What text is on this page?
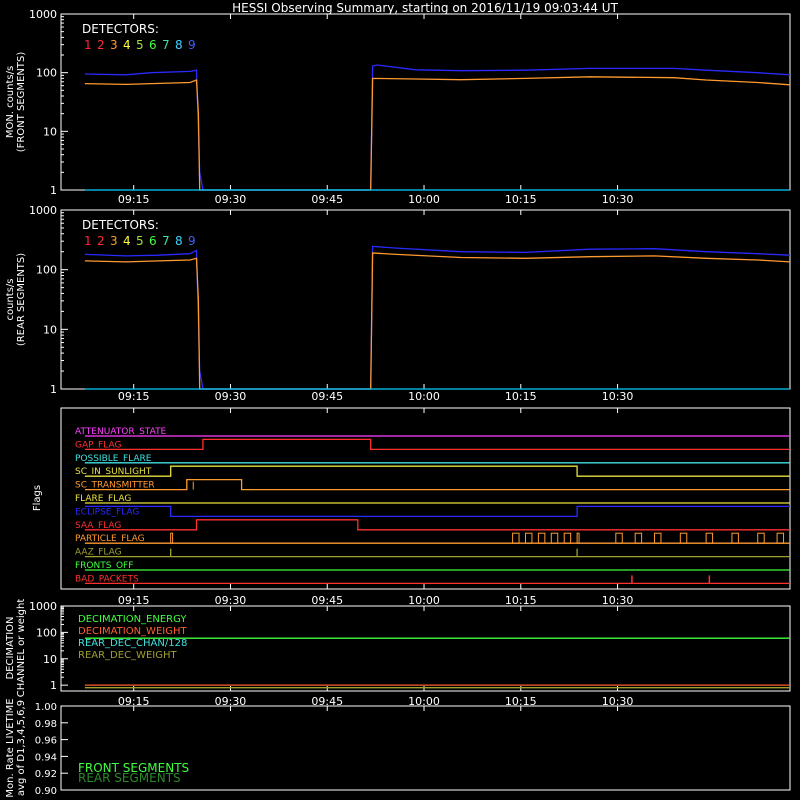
HESSI Observing Summary, starting on 2016/11/19 09:03:44 UT
1
10
100
1000
09:15	09:30	09:45	10:00	10:15	10:30
MON. counts/s (FRONT SEGMENTS)
DETECTORS:
1 2 3 4 5 6 7 8 9
1
10
100
1000
09:15	09:30	09:45	10:00	10:15	10:30
counts/s (REAR SEGMENTS)
DETECTORS:
1 2 3 4 5 6 7 8 9
09:15	09:30	09:45	10:00	10:15	10:30
Flags
ATTENUATOR_STATE
GAP_FLAG
POSSIBLE_FLARE
SC_IN_SUNLIGHT
SC_TRANSMITTER
FLARE_FLAG
ECLIPSE_FLAG
SAA_FLAG
PARTICLE_FLAG
AAZ_FLAG
FRONTS_OFF
BAD_PACKETS
1
10
100
1000
09:15	09:30	09:45	10:00	10:15	10:30
DECIMATION CHANNEL or weight	DECIMATION_ENERGY
DECIMATION_WEIGHT
REAR_DEC_CHAN/128
REAR_DEC_WEIGHT
Mon. Rate LIVETIME avg of D1,3,4,5,6,9 0.90
0.92
0.94
0.96
0.98
1.00
FRONT SEGMENTS
REAR SEGMENTS
